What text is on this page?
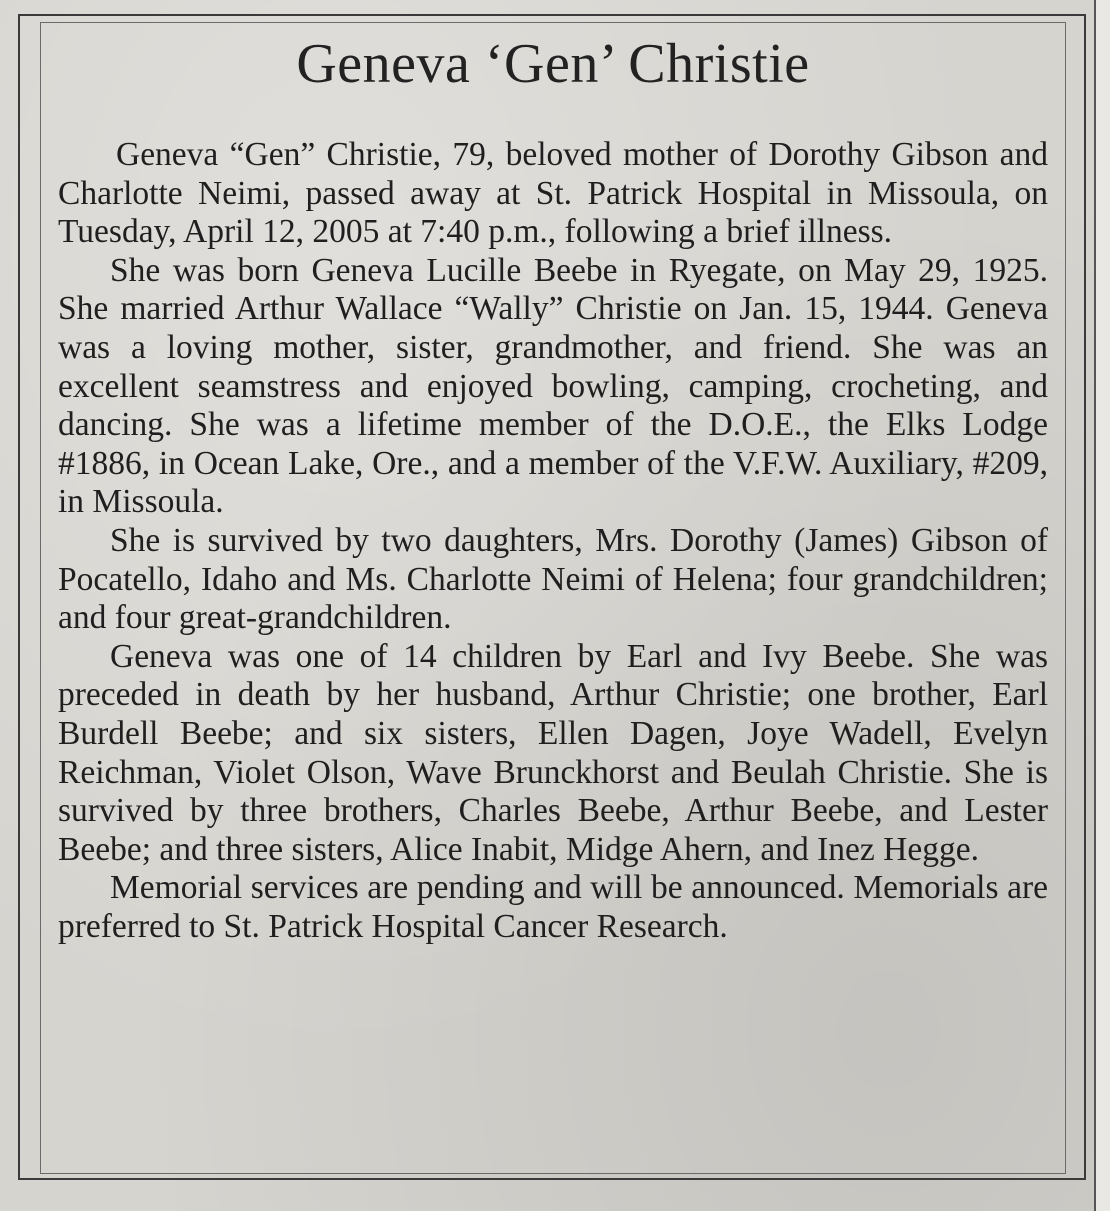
Geneva ‘Gen’ Christie

Geneva “Gen” Christie, 79, beloved mother of Dorothy Gibson and Charlotte Neimi, passed away at St. Patrick Hospital in Missoula, on Tuesday, April 12, 2005 at 7:40 p.m., following a brief illness.

She was born Geneva Lucille Beebe in Ryegate, on May 29, 1925. She married Arthur Wallace “Wally” Christie on Jan. 15, 1944. Geneva was a loving mother, sister, grandmother, and friend. She was an excellent seamstress and enjoyed bowling, camping, crocheting, and dancing. She was a lifetime member of the D.O.E., the Elks Lodge #1886, in Ocean Lake, Ore., and a member of the V.F.W. Auxiliary, #209, in Missoula.

She is survived by two daughters, Mrs. Dorothy (James) Gibson of Pocatello, Idaho and Ms. Charlotte Neimi of Helena; four grandchildren; and four great-grandchildren.

Geneva was one of 14 children by Earl and Ivy Beebe. She was preceded in death by her husband, Arthur Christie; one brother, Earl Burdell Beebe; and six sisters, Ellen Dagen, Joye Wadell, Evelyn Reichman, Violet Olson, Wave Brunckhorst and Beulah Christie. She is survived by three brothers, Charles Beebe, Arthur Beebe, and Lester Beebe; and three sisters, Alice Inabit, Midge Ahern, and Inez Hegge.

Memorial services are pending and will be announced. Memorials are preferred to St. Patrick Hospital Cancer Research.
